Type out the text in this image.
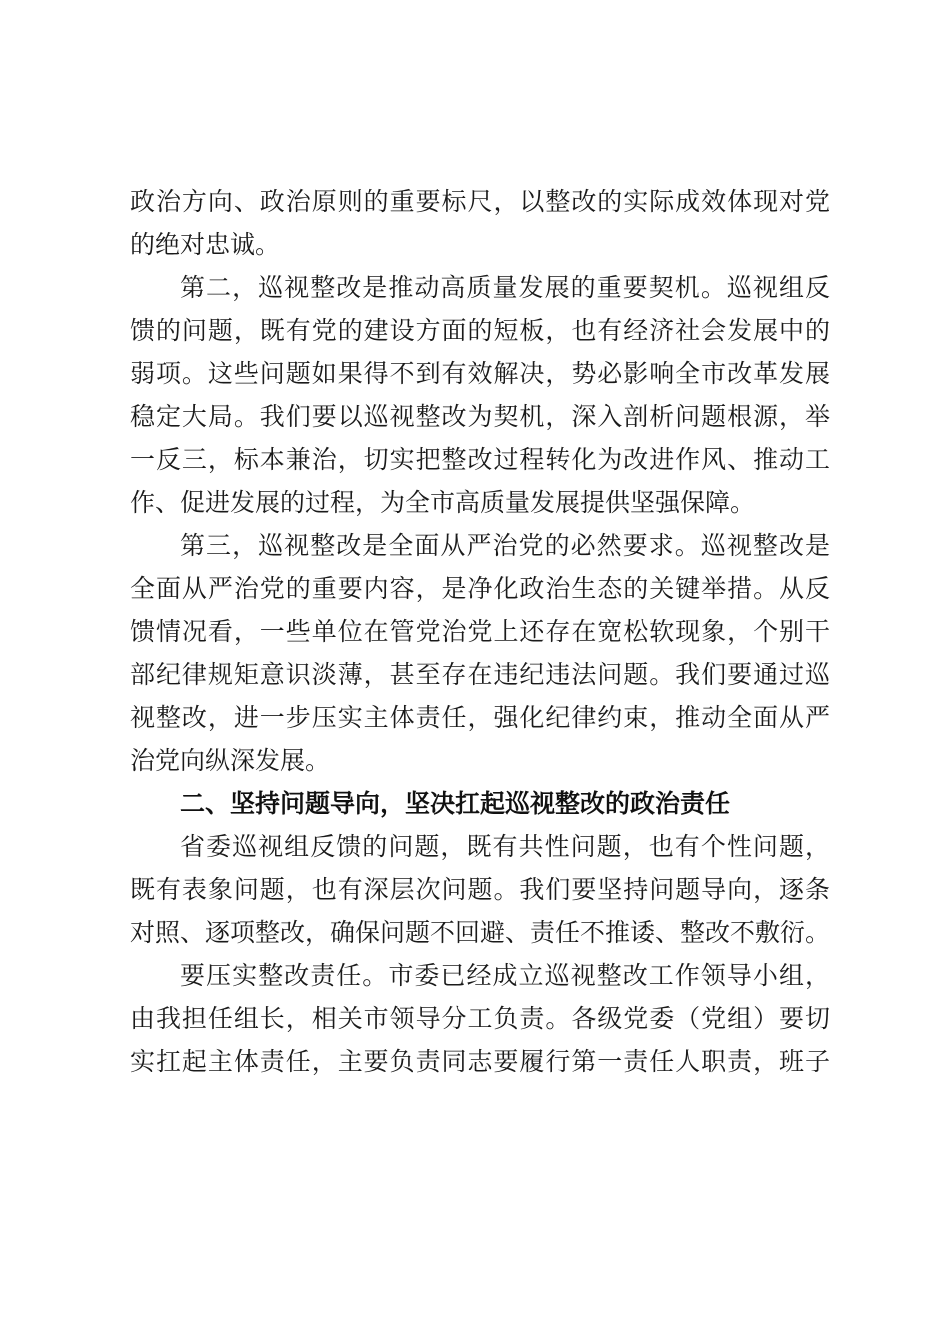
政治方向、政治原则的重要标尺，以整改的实际成效体现对党
的绝对忠诚。
第二，巡视整改是推动高质量发展的重要契机。巡视组反
馈的问题，既有党的建设方面的短板，也有经济社会发展中的
弱项。这些问题如果得不到有效解决，势必影响全市改革发展
稳定大局。我们要以巡视整改为契机，深入剖析问题根源，举
一反三，标本兼治，切实把整改过程转化为改进作风、推动工
作、促进发展的过程，为全市高质量发展提供坚强保障。
第三，巡视整改是全面从严治党的必然要求。巡视整改是
全面从严治党的重要内容，是净化政治生态的关键举措。从反
馈情况看，一些单位在管党治党上还存在宽松软现象，个别干
部纪律规矩意识淡薄，甚至存在违纪违法问题。我们要通过巡
视整改，进一步压实主体责任，强化纪律约束，推动全面从严
治党向纵深发展。
二、坚持问题导向，坚决扛起巡视整改的政治责任
省委巡视组反馈的问题，既有共性问题，也有个性问题，
既有表象问题，也有深层次问题。我们要坚持问题导向，逐条
对照、逐项整改，确保问题不回避、责任不推诿、整改不敷衍。
要压实整改责任。市委已经成立巡视整改工作领导小组，
由我担任组长，相关市领导分工负责。各级党委（党组）要切
实扛起主体责任，主要负责同志要履行第一责任人职责，班子
